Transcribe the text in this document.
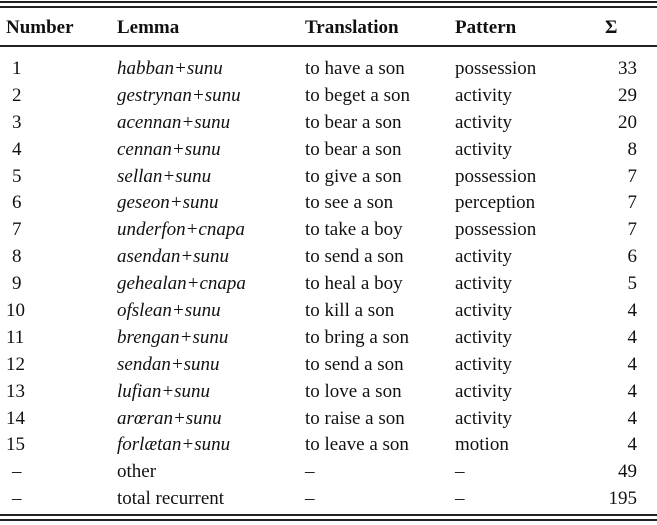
Number	Lemma	Translation	Pattern	Σ

1	habban+sunu	to have a son	possession	33
2	gestrynan+sunu	to beget a son	activity	29
3	acennan+sunu	to bear a son	activity	20
4	cennan+sunu	to bear a son	activity	8
5	sellan+sunu	to give a son	possession	7
6	geseon+sunu	to see a son	perception	7
7	underfon+cnapa	to take a boy	possession	7
8	asendan+sunu	to send a son	activity	6
9	gehealan+cnapa	to heal a boy	activity	5
10	ofslean+sunu	to kill a son	activity	4
11	brengan+sunu	to bring a son	activity	4
12	sendan+sunu	to send a son	activity	4
13	lufian+sunu	to love a son	activity	4
14	arœran+sunu	to raise a son	activity	4
15	forlætan+sunu	to leave a son	motion	4
–	other	–	–	49
–	total recurrent	–	–	195
